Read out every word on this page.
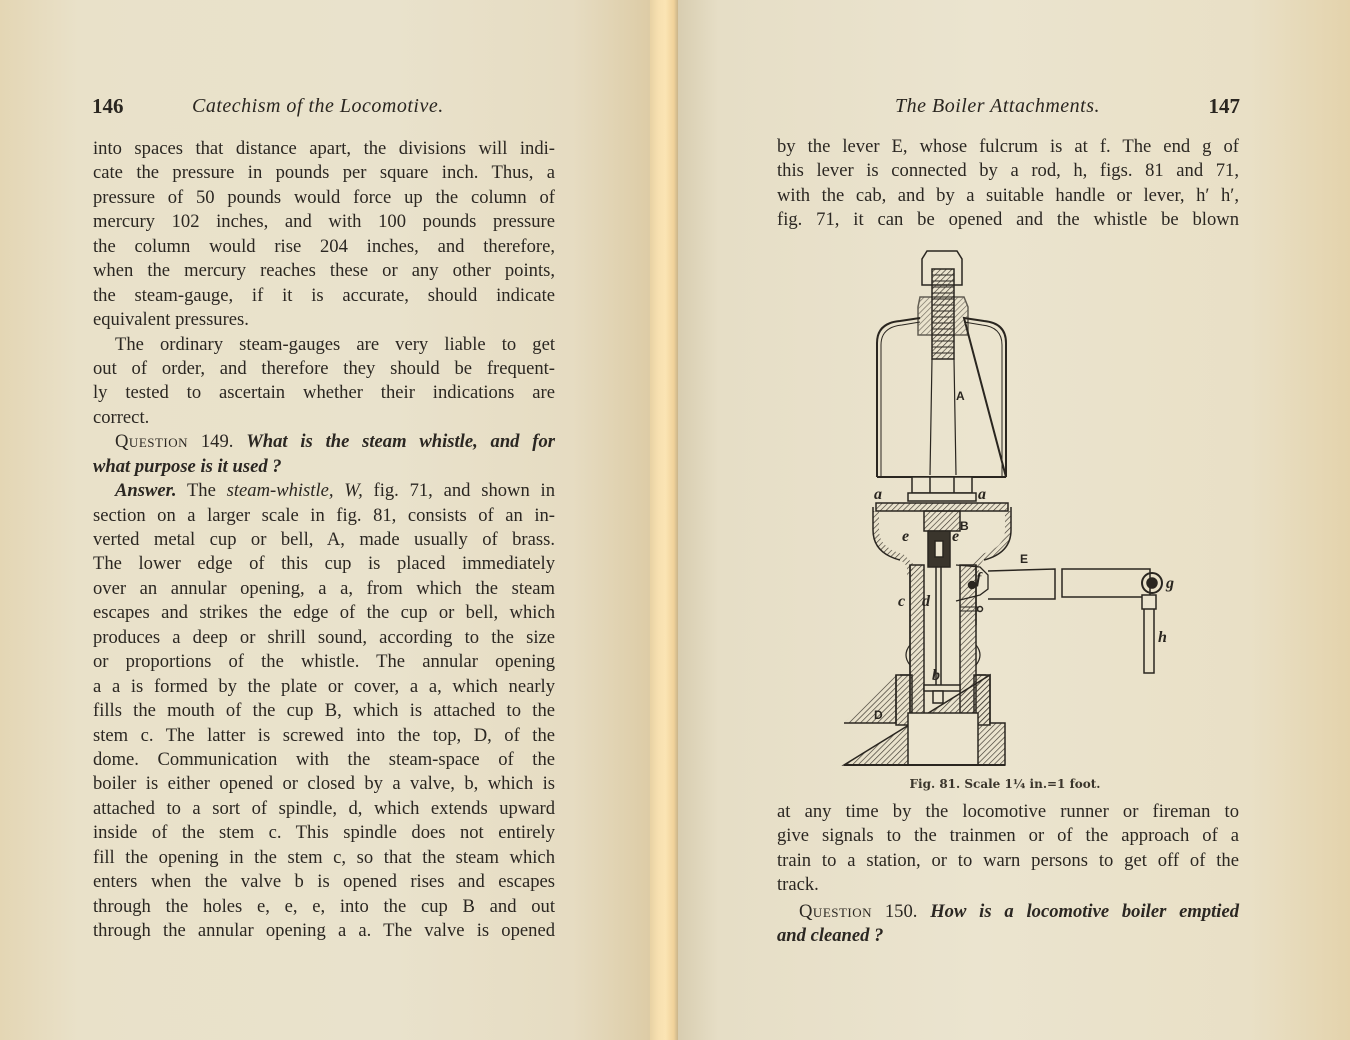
146	Catechism of the Locomotive.
into spaces that distance apart, the divisions will indi-
cate the pressure in pounds per square inch. Thus, a
pressure of 50 pounds would force up the column of
mercury 102 inches, and with 100 pounds pressure
the column would rise 204 inches, and therefore,
when the mercury reaches these or any other points,
the steam-gauge, if it is accurate, should indicate
equivalent pressures.
The ordinary steam-gauges are very liable to get
out of order, and therefore they should be frequent-
ly tested to ascertain whether their indications are
correct.
Question 149. What is the steam whistle, and for
what purpose is it used ?
Answer. The steam-whistle, W, fig. 71, and shown in
section on a larger scale in fig. 81, consists of an in-
verted metal cup or bell, A, made usually of brass.
The lower edge of this cup is placed immediately
over an annular opening, a a, from which the steam
escapes and strikes the edge of the cup or bell, which
produces a deep or shrill sound, according to the size
or proportions of the whistle. The annular opening
a a is formed by the plate or cover, a a, which nearly
fills the mouth of the cup B, which is attached to the
stem c. The latter is screwed into the top, D, of the
dome. Communication with the steam-space of the
boiler is either opened or closed by a valve, b, which is
attached to a sort of spindle, d, which extends upward
inside of the stem c. This spindle does not entirely
fill the opening in the stem c, so that the steam which
enters when the valve b is opened rises and escapes
through the holes e, e, e, into the cup B and out
through the annular opening a a. The valve is opened
The Boiler Attachments.	147
by the lever E, whose fulcrum is at f. The end g of
this lever is connected by a rod, h, figs. 81 and 71,
with the cab, and by a suitable handle or lever, h′ h′,
fig. 71, it can be opened and the whistle be blown
A
a	a
B
e	e
E
f	g
c d
h
b
D
Fig. 81. Scale 1¼ in.=1 foot.
at any time by the locomotive runner or fireman to
give signals to the trainmen or of the approach of a
train to a station, or to warn persons to get off of the
track.
Question 150. How is a locomotive boiler emptied
and cleaned ?
